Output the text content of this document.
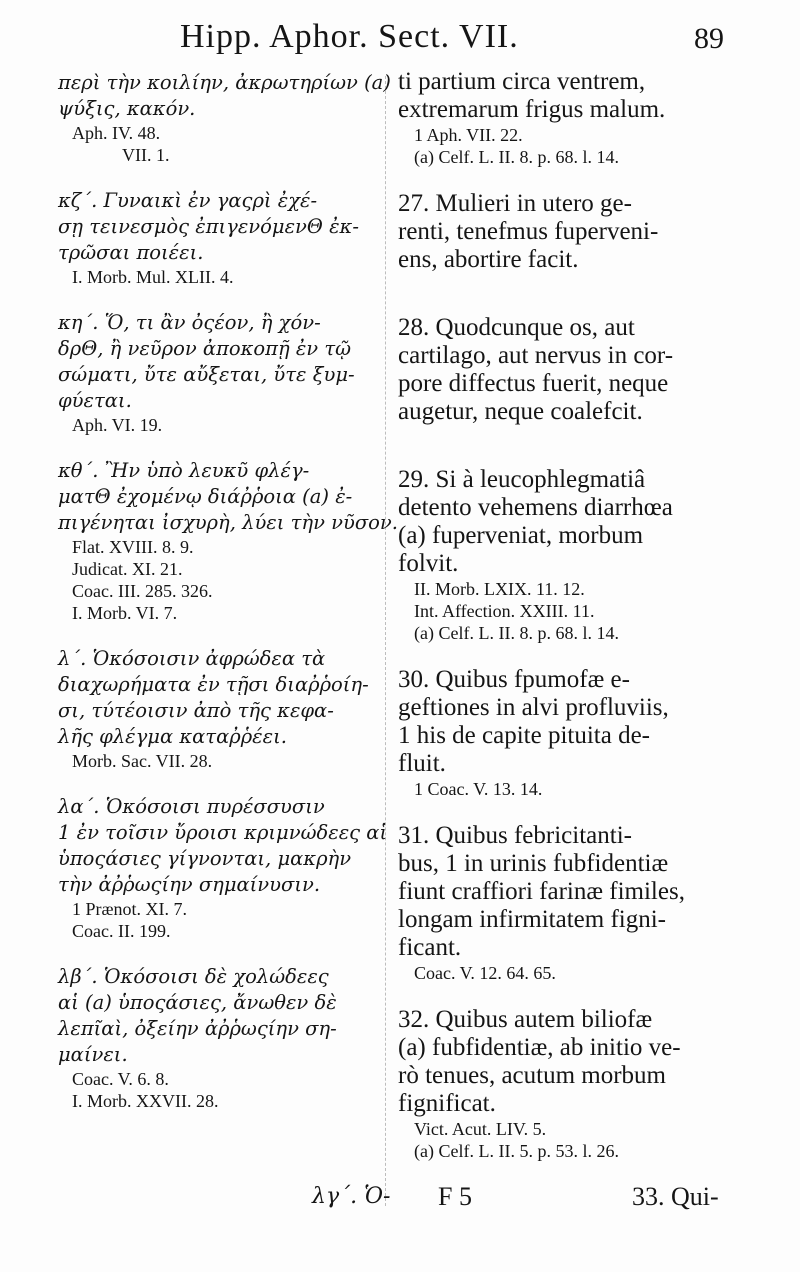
Hipp. Aphor. Sect. VII.	89
περὶ τὴν κοιλίην, ἀκρωτηρίων (a)
ψύξις, κακόν.
Aph. IV. 48.
VII. 1.
κζ΄. Γυναικὶ ἐν γαςρὶ ἐχέ-
σῃ τεινεσμὸς ἐπιγενόμενΘ ἐκ-
τρῶσαι ποιέει.
I. Morb. Mul. XLII. 4.
κη΄. Ὅ, τι ἂν ὀςέον, ἢ χόν-
δρΘ, ἢ νεῦρον ἀποκοπῇ ἐν τῷ
σώματι, ὔτε αὔξεται, ὔτε ξυμ-
φύεται.
Aph. VI. 19.
κθ΄. Ἢν ὑπὸ λευκῦ φλέγ-
ματΘ ἐχομένῳ διάῤῥοια (a) ἐ-
πιγένηται ἰσχυρὴ, λύει τὴν νῦσον.
Flat. XVIII. 8. 9.
Judicat. XI. 21.
Coac. III. 285. 326.
I. Morb. VI. 7.
λ΄. Ὁκόσοισιν ἀφρώδεα τὰ
διαχωρήματα ἐν τῇσι διαῤῥοίη-
σι, τύτέοισιν ἀπὸ τῆς κεφα-
λῆς φλέγμα καταῤῥέει.
Morb. Sac. VII. 28.
λα΄. Ὁκόσοισι πυρέσσυσιν
1 ἐν τοῖσιν ὔροισι κριμνώδεες αἱ
ὑποςάσιες γίγνονται, μακρὴν
τὴν ἀῤῥωςίην σημαίνυσιν.
1 Prænot. XI. 7.
Coac. II. 199.
λβ΄. Ὁκόσοισι δὲ χολώδεες
αἱ (a) ὑποςάσιες, ἄνωθεν δὲ
λεπῖαὶ, ὀξείην ἀῤῥωςίην ση-
μαίνει.
Coac. V. 6. 8.
I. Morb. XXVII. 28.
ti partium circa ventrem,
extremarum frigus malum.
1 Aph. VII. 22.
(a) Celf. L. II. 8. p. 68. l. 14.
27. Mulieri in utero ge-
renti, tenefmus fuperveni-
ens, abortire facit.
28. Quodcunque os, aut
cartilago, aut nervus in cor-
pore diffectus fuerit, neque
augetur, neque coalefcit.
29. Si à leucophlegmatiâ
detento vehemens diarrhœa
(a) fuperveniat, morbum
folvit.
II. Morb. LXIX. 11. 12.
Int. Affection. XXIII. 11.
(a) Celf. L. II. 8. p. 68. l. 14.
30. Quibus fpumofæ e-
geftiones in alvi profluviis,
1 his de capite pituita de-
fluit.
1 Coac. V. 13. 14.
31. Quibus febricitanti-
bus, 1 in urinis fubfidentiæ
fiunt craffiori farinæ fimiles,
longam infirmitatem figni-
ficant.
Coac. V. 12. 64. 65.
32. Quibus autem biliofæ
(a) fubfidentiæ, ab initio ve-
rò tenues, acutum morbum
fignificat.
Vict. Acut. LIV. 5.
(a) Celf. L. II. 5. p. 53. l. 26.
λγ΄. Ὁ- F 5	33. Qui-
